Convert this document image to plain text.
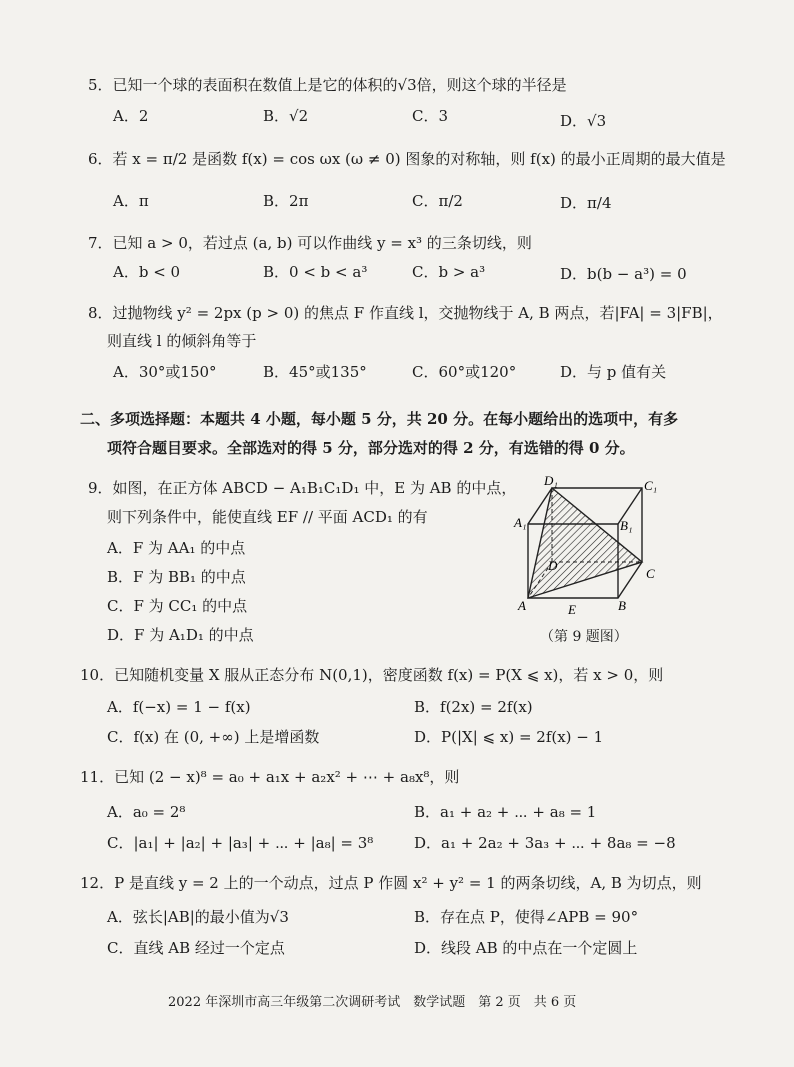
5．已知一个球的表面积在数值上是它的体积的√3倍，则这个球的半径是
A．2	B．√2	C．3	D．√3
6．若 x = π/2 是函数 f(x) = cos ωx (ω ≠ 0) 图象的对称轴，则 f(x) 的最小正周期的最大值是
A．π	B．2π	C．π/2	D．π/4
7．已知 a > 0，若过点 (a, b) 可以作曲线 y = x³ 的三条切线，则
A．b < 0	B．0 < b < a³	C．b > a³	D．b(b − a³) = 0
8．过抛物线 y² = 2px (p > 0) 的焦点 F 作直线 l，交抛物线于 A, B 两点，若|FA| = 3|FB|，
则直线 l 的倾斜角等于
A．30°或150°	B．45°或135°	C．60°或120°	D．与 p 值有关
二、多项选择题：本题共 4 小题，每小题 5 分，共 20 分。在每小题给出的选项中，有多
项符合题目要求。全部选对的得 5 分，部分选对的得 2 分，有选错的得 0 分。
9．如图，在正方体 ABCD − A₁B₁C₁D₁ 中，E 为 AB 的中点，
则下列条件中，能使直线 EF // 平面 ACD₁ 的有
A．F 为 AA₁ 的中点
B．F 为 BB₁ 的中点
C．F 为 CC₁ 的中点
D．F 为 A₁D₁ 的中点
D₁	C₁
A₁	B₁
D
C
A	E	B
（第 9 题图）
10．已知随机变量 X 服从正态分布 N(0,1)，密度函数 f(x) = P(X ⩽ x)，若 x > 0，则
A．f(−x) = 1 − f(x)	B．f(2x) = 2f(x)
C．f(x) 在 (0, +∞) 上是增函数	D．P(|X| ⩽ x) = 2f(x) − 1
11．已知 (2 − x)⁸ = a₀ + a₁x + a₂x² + ⋯ + a₈x⁸，则
A．a₀ = 2⁸	B．a₁ + a₂ + ⋯ + a₈ = 1
C．|a₁| + |a₂| + |a₃| + ⋯ + |a₈| = 3⁸	D．a₁ + 2a₂ + 3a₃ + ⋯ + 8a₈ = −8
12．P 是直线 y = 2 上的一个动点，过点 P 作圆 x² + y² = 1 的两条切线，A, B 为切点，则
A．弦长|AB|的最小值为√3	B．存在点 P，使得∠APB = 90°
C．直线 AB 经过一个定点	D．线段 AB 的中点在一个定圆上
2022 年深圳市高三年级第二次调研考试　数学试题　第 2 页　共 6 页
